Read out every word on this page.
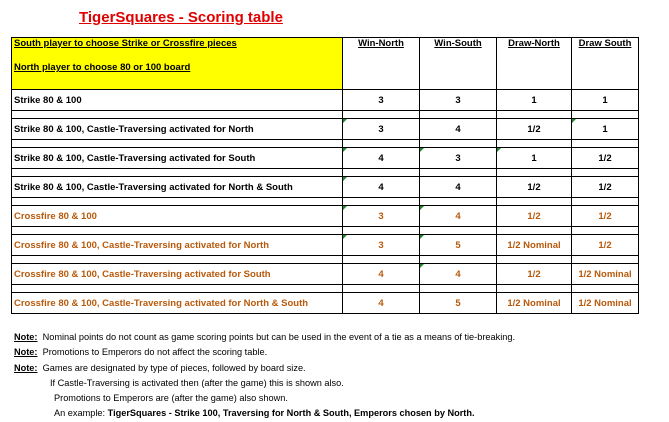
TigerSquares - Scoring table
South player to choose Strike or Crossfire pieces
North player to choose 80 or 100 board	Win-North	Win-South	Draw-North	Draw South
Strike 80 & 100	3	3	1	1

Strike 80 & 100, Castle-Traversing activated for North	3	4	1/2	1

Strike 80 & 100, Castle-Traversing activated for South	4	3	1	1/2

Strike 80 & 100, Castle-Traversing activated for North & South	4	4	1/2	1/2

Crossfire 80 & 100	3	4	1/2	1/2

Crossfire 80 & 100, Castle-Traversing activated for North	3	5	1/2 Nominal	1/2

Crossfire 80 & 100, Castle-Traversing activated for South	4	4	1/2	1/2 Nominal

Crossfire 80 & 100, Castle-Traversing activated for North & South	4	5	1/2 Nominal	1/2 Nominal
Note: Nominal points do not count as game scoring points but can be used in the event of a tie as a means of tie-breaking.
Note: Promotions to Emperors do not affect the scoring table.
Note: Games are designated by type of pieces, followed by board size.
If Castle-Traversing is activated then (after the game) this is shown also.
Promotions to Emperors are (after the game) also shown.
An example: TigerSquares - Strike 100, Traversing for North & South, Emperors chosen by North.
